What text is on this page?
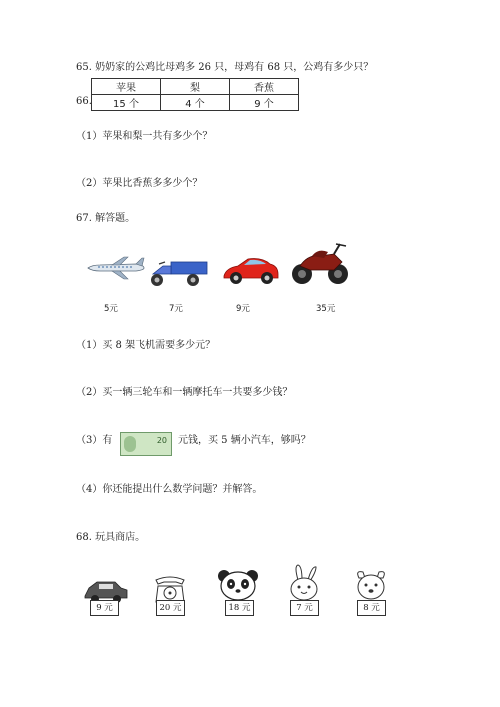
65. 奶奶家的公鸡比母鸡多 26 只，母鸡有 68 只，公鸡有多少只？
66.
苹果	梨	香蕉
15 个	4 个	9 个
（1）苹果和梨一共有多少个？
（2）苹果比香蕉多多少个？
67. 解答题。
5元	7元	9元	35元
（1）买 8 架飞机需要多少元？
（2）买一辆三轮车和一辆摩托车一共要多少钱？
（3）有	20 元钱，买 5 辆小汽车，够吗？
（4）你还能提出什么数学问题？并解答。
68. 玩具商店。
9 元	20 元	18 元	7 元	8 元
